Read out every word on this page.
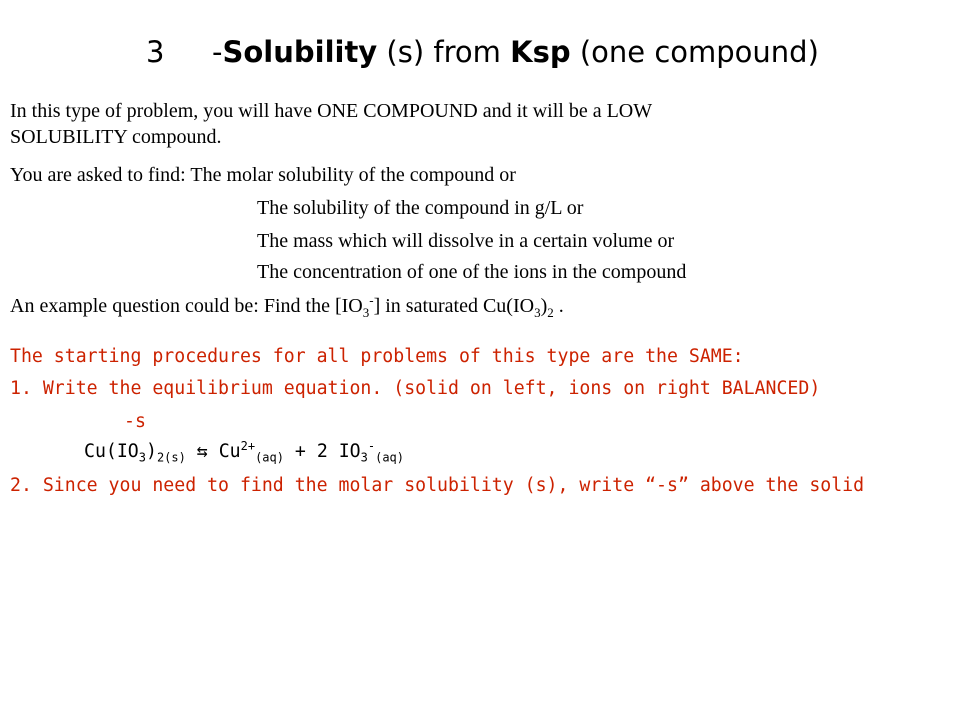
3 -Solubility (s) from Ksp (one compound)
In this type of problem, you will have ONE COMPOUND and it will be a LOW
SOLUBILITY compound.
You are asked to find: The molar solubility of the compound or
The solubility of the compound in g/L or
The mass which will dissolve in a certain volume or
The concentration of one of the ions in the compound
An example question could be: Find the $[IO_3^-]$ in saturated $Cu(IO_3)_2$ .
The starting procedures for all problems of this type are the SAME:
1. Write the equilibrium equation. (solid on left, ions on right BALANCED)
-s
$Cu(IO_3)_{2(s)}$ ⇆ $Cu^{2+}_{(aq)} + 2$ $IO_3^-_{(aq)}$
2. Since you need to find the molar solubility (s), write “-s” above the solid
